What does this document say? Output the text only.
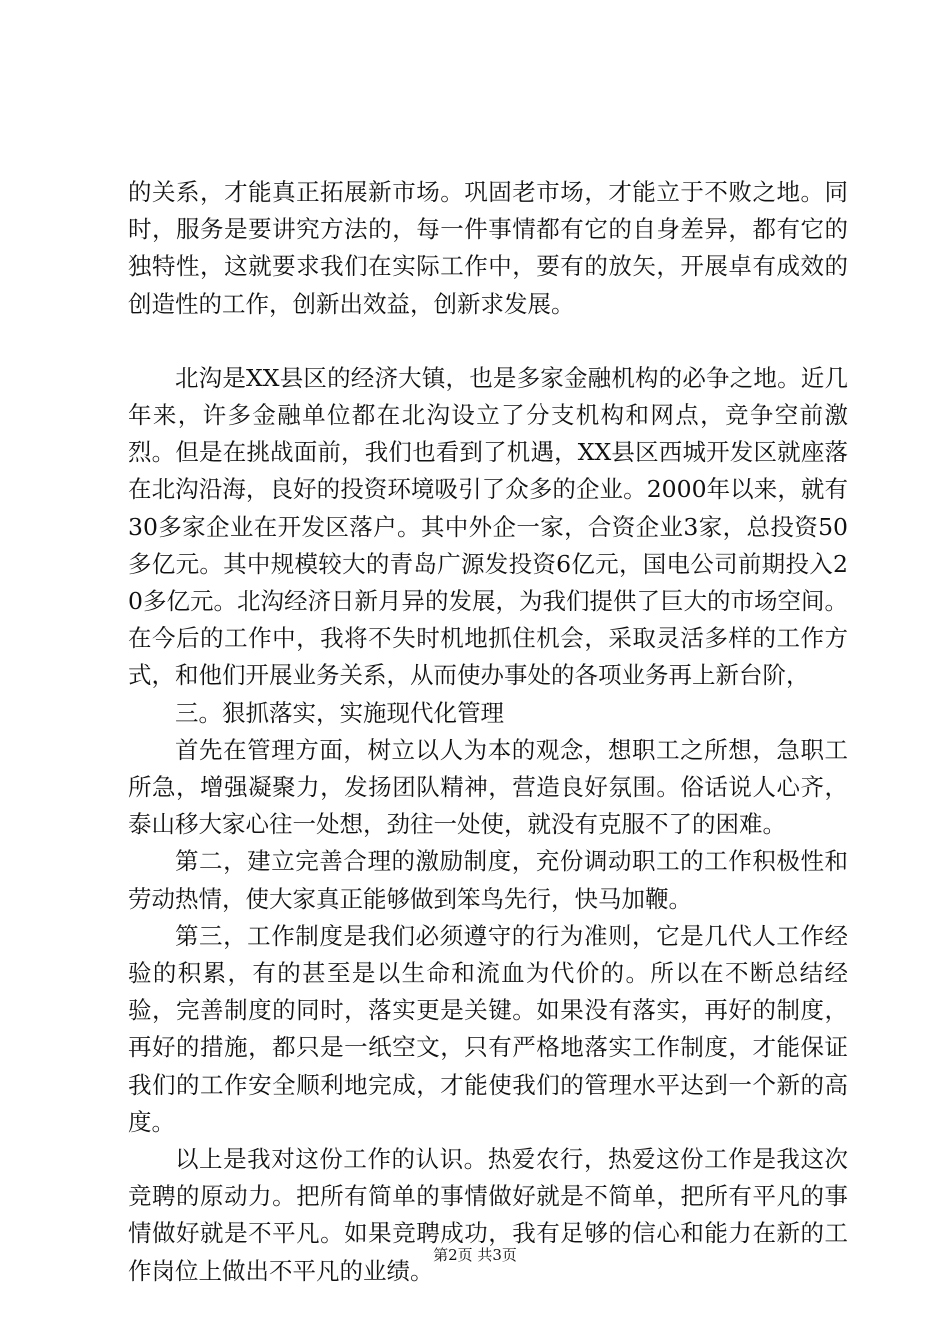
的关系，才能真正拓展新市场。巩固老市场，才能立于不败之地。同时，服务是要讲究方法的，每一件事情都有它的自身差异，都有它的独特性，这就要求我们在实际工作中，要有的放矢，开展卓有成效的创造性的工作，创新出效益，创新求发展。

北沟是XX县区的经济大镇，也是多家金融机构的必争之地。近几年来，许多金融单位都在北沟设立了分支机构和网点，竞争空前激烈。但是在挑战面前，我们也看到了机遇，XX县区西城开发区就座落在北沟沿海，良好的投资环境吸引了众多的企业。2000年以来，就有30多家企业在开发区落户。其中外企一家，合资企业3家，总投资50多亿元。其中规模较大的青岛广源发投资6亿元，国电公司前期投入20多亿元。北沟经济日新月异的发展，为我们提供了巨大的市场空间。在今后的工作中，我将不失时机地抓住机会，采取灵活多样的工作方式，和他们开展业务关系，从而使办事处的各项业务再上新台阶，

三。狠抓落实，实施现代化管理

首先在管理方面，树立以人为本的观念，想职工之所想，急职工所急，增强凝聚力，发扬团队精神，营造良好氛围。俗话说人心齐，泰山移大家心往一处想，劲往一处使，就没有克服不了的困难。

第二，建立完善合理的激励制度，充份调动职工的工作积极性和劳动热情，使大家真正能够做到笨鸟先行，快马加鞭。

第三，工作制度是我们必须遵守的行为准则，它是几代人工作经验的积累，有的甚至是以生命和流血为代价的。所以在不断总结经验，完善制度的同时，落实更是关键。如果没有落实，再好的制度，再好的措施，都只是一纸空文，只有严格地落实工作制度，才能保证我们的工作安全顺利地完成，才能使我们的管理水平达到一个新的高度。

以上是我对这份工作的认识。热爱农行，热爱这份工作是我这次竞聘的原动力。把所有简单的事情做好就是不简单，把所有平凡的事情做好就是不平凡。如果竞聘成功，我有足够的信心和能力在新的工作岗位上做出不平凡的业绩。

第2页 共3页
